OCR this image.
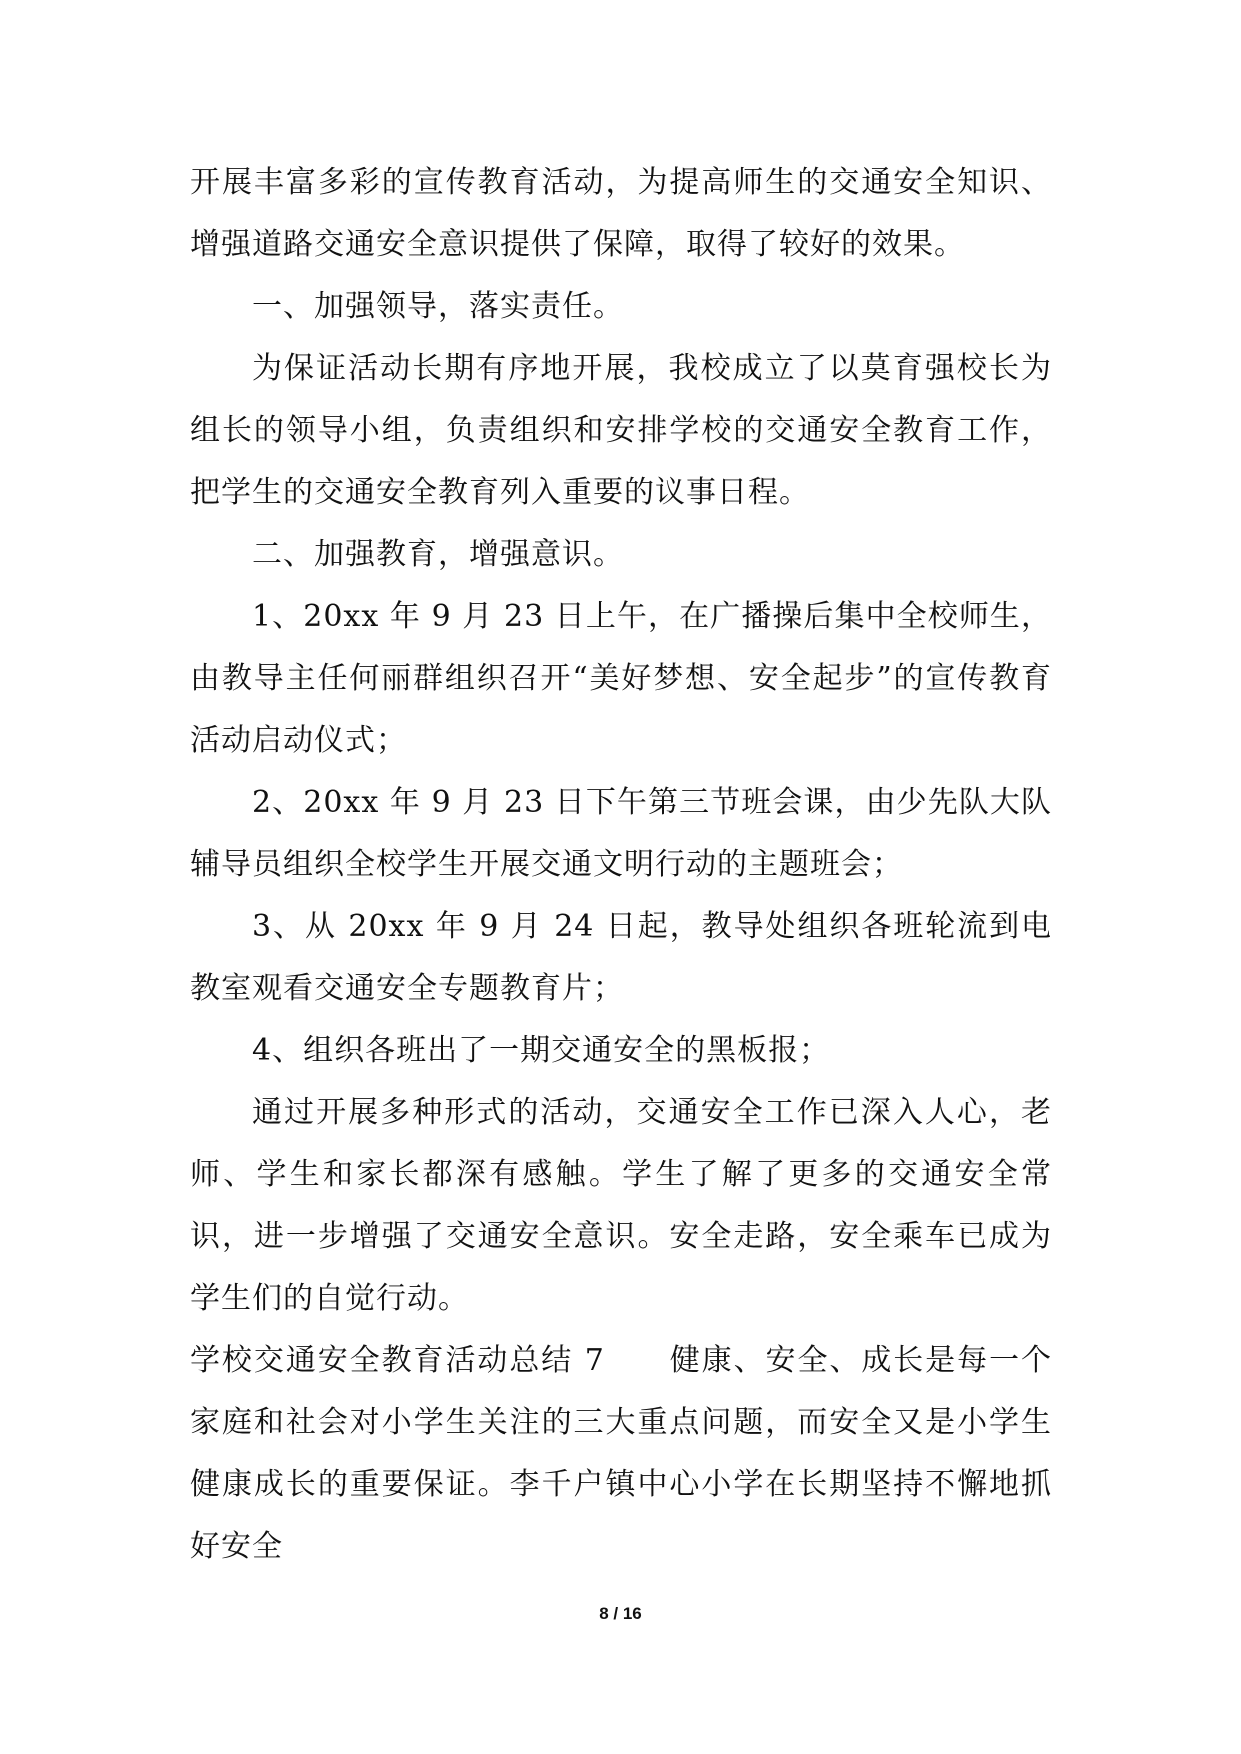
开展丰富多彩的宣传教育活动，为提高师生的交通安全知识、增强道路交通安全意识提供了保障，取得了较好的效果。

一、加强领导，落实责任。

为保证活动长期有序地开展，我校成立了以莫育强校长为组长的领导小组，负责组织和安排学校的交通安全教育工作，把学生的交通安全教育列入重要的议事日程。

二、加强教育，增强意识。

1、20xx 年 9 月 23 日上午，在广播操后集中全校师生，由教导主任何丽群组织召开“美好梦想、安全起步”的宣传教育活动启动仪式；

2、20xx 年 9 月 23 日下午第三节班会课，由少先队大队辅导员组织全校学生开展交通文明行动的主题班会；

3、从 20xx 年 9 月 24 日起，教导处组织各班轮流到电教室观看交通安全专题教育片；

4、组织各班出了一期交通安全的黑板报；

通过开展多种形式的活动，交通安全工作已深入人心，老师、学生和家长都深有感触。学生了解了更多的交通安全常识，进一步增强了交通安全意识。安全走路，安全乘车已成为学生们的自觉行动。

学校交通安全教育活动总结 7 健康、安全、成长是每一个家庭和社会对小学生关注的三大重点问题，而安全又是小学生健康成长的重要保证。李千户镇中心小学在长期坚持不懈地抓好安全

8 / 16
